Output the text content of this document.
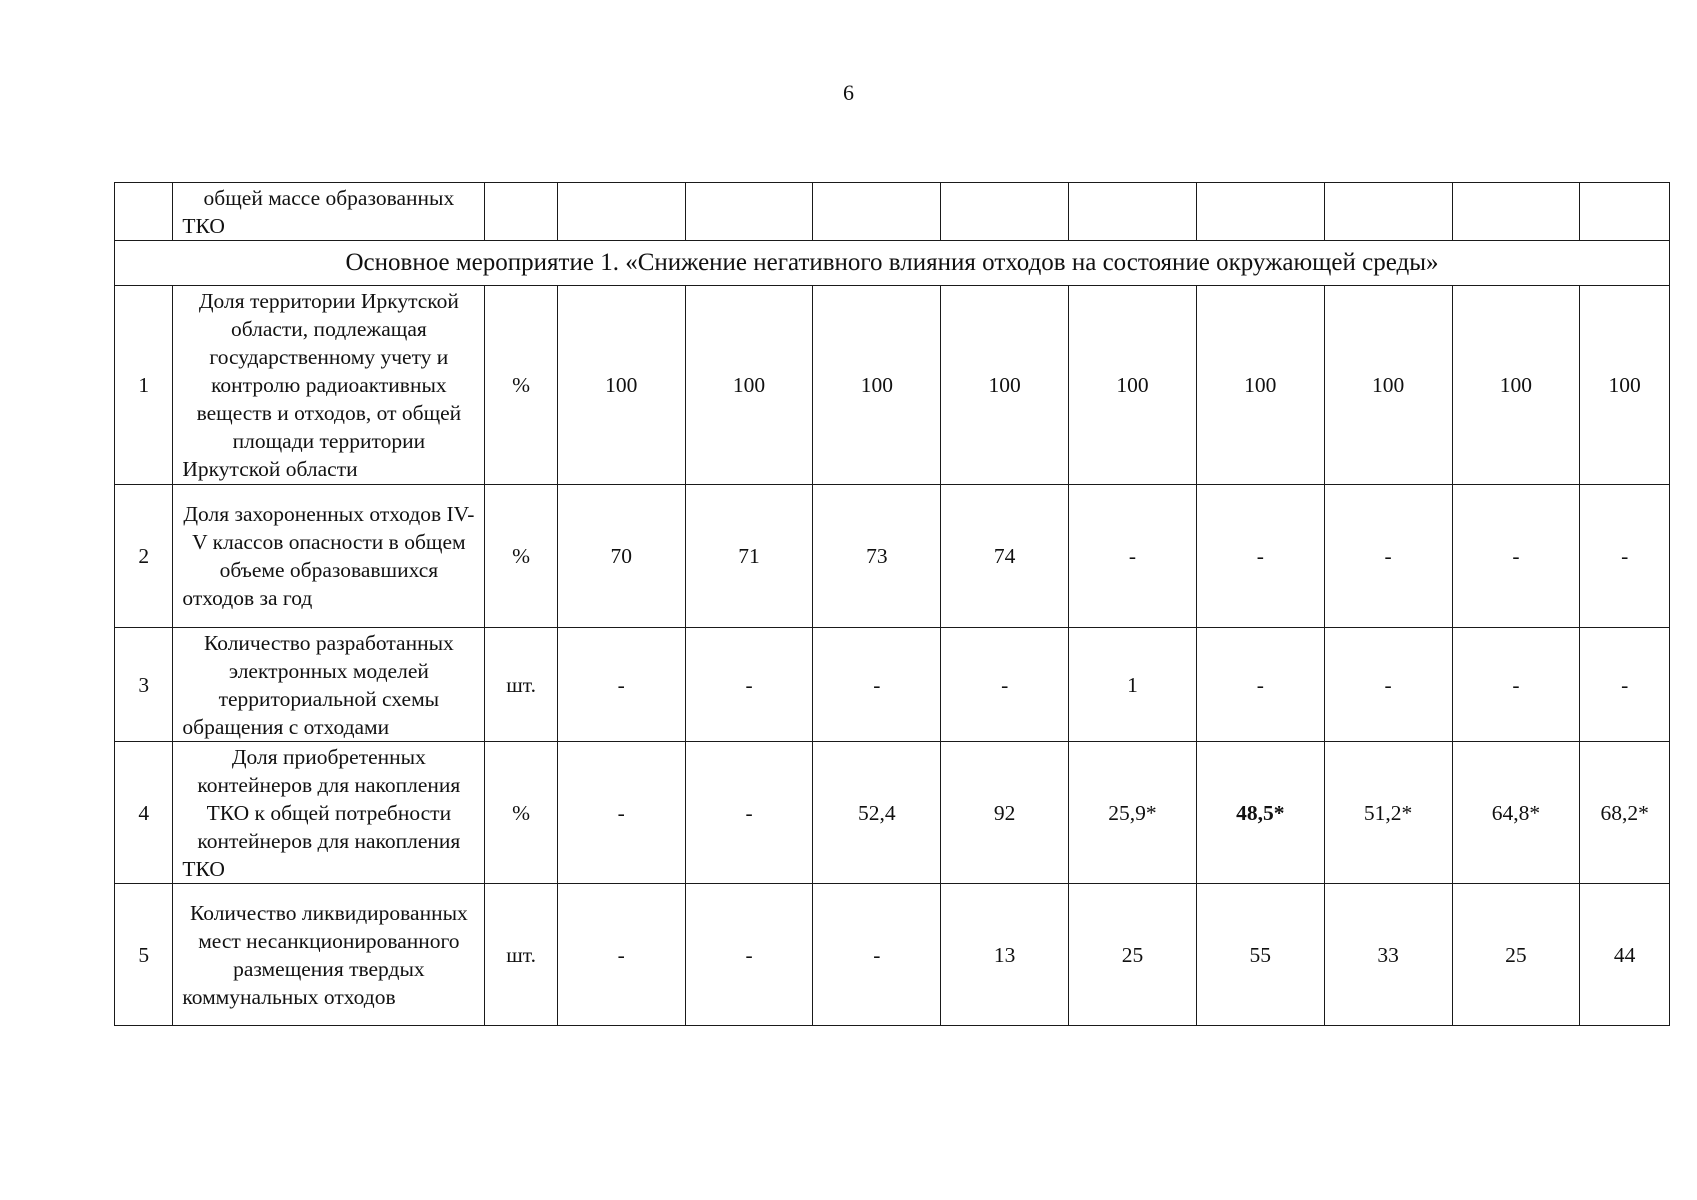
6
	общей массе образованных ТКО										
Основное мероприятие 1. «Снижение негативного влияния отходов на состояние окружающей среды»											
1	Доля территории Иркутской области, подлежащая государственному учету и контролю радиоактивных веществ и отходов, от общей площади территории Иркутской области	%	100	100	100	100	100	100	100	100	100
2	Доля захороненных отходов IV-V классов опасности в общем объеме образовавшихся отходов за год	%	70	71	73	74	-	-	-	-	-
3	Количество разработанных электронных моделей территориальной схемы обращения с отходами	шт.	-	-	-	-	1	-	-	-	-
4	Доля приобретенных контейнеров для накопления ТКО к общей потребности контейнеров для накопления ТКО	%	-	-	52,4	92	25,9*	48,5*	51,2*	64,8*	68,2*
5	Количество ликвидированных мест несанкционированного размещения твердых коммунальных отходов	шт.	-	-	-	13	25	55	33	25	44
